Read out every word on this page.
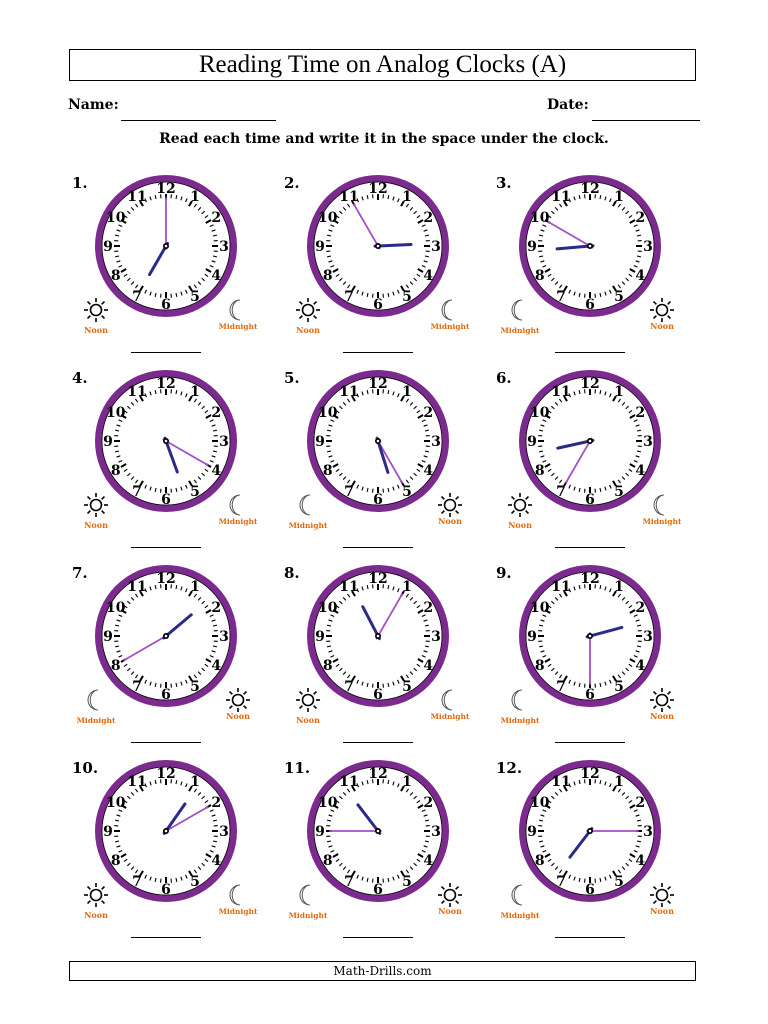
Reading Time on Analog Clocks (A)
Name:	Date:
Read each time and write it in the space under the clock.
1.	12 1
2
3
4
5
6
7
8
9
10
11
Noon	Midnight
2.	12 1
2
3
4
5
6
7
8
9
10
11
Noon	Midnight
3.	12 1
2
3
4
5
6
7
8
9
10
11
Midnight	Noon
4.	12 1
2
3
4
5
6
7
8
9
10
11
Noon	Midnight
5.	12 1
2
3
4
5
6
7
8
9
10
11
Midnight	Noon
6.	12 1
2
3
4
5
6
7
8
9
10
11
Noon	Midnight
7.	12 1
2
3
4
5
6
7
8
9
10
11
Midnight	Noon
8.	12 1
2
3
4
5
6
7
8
9
10
11
Noon	Midnight
9.	12 1
2
3
4
5
6
7
8
9
10
11
Midnight	Noon
10.	12 1
2
3
4
5
6
7
8
9
10
11
Noon	Midnight
11.	12 1
2
3
4
5
6
7
8
9
10
11
Midnight	Noon
12.	12 1
2
3
4
5
6
7
8
9
10
11
Midnight	Noon
Math-Drills.com
